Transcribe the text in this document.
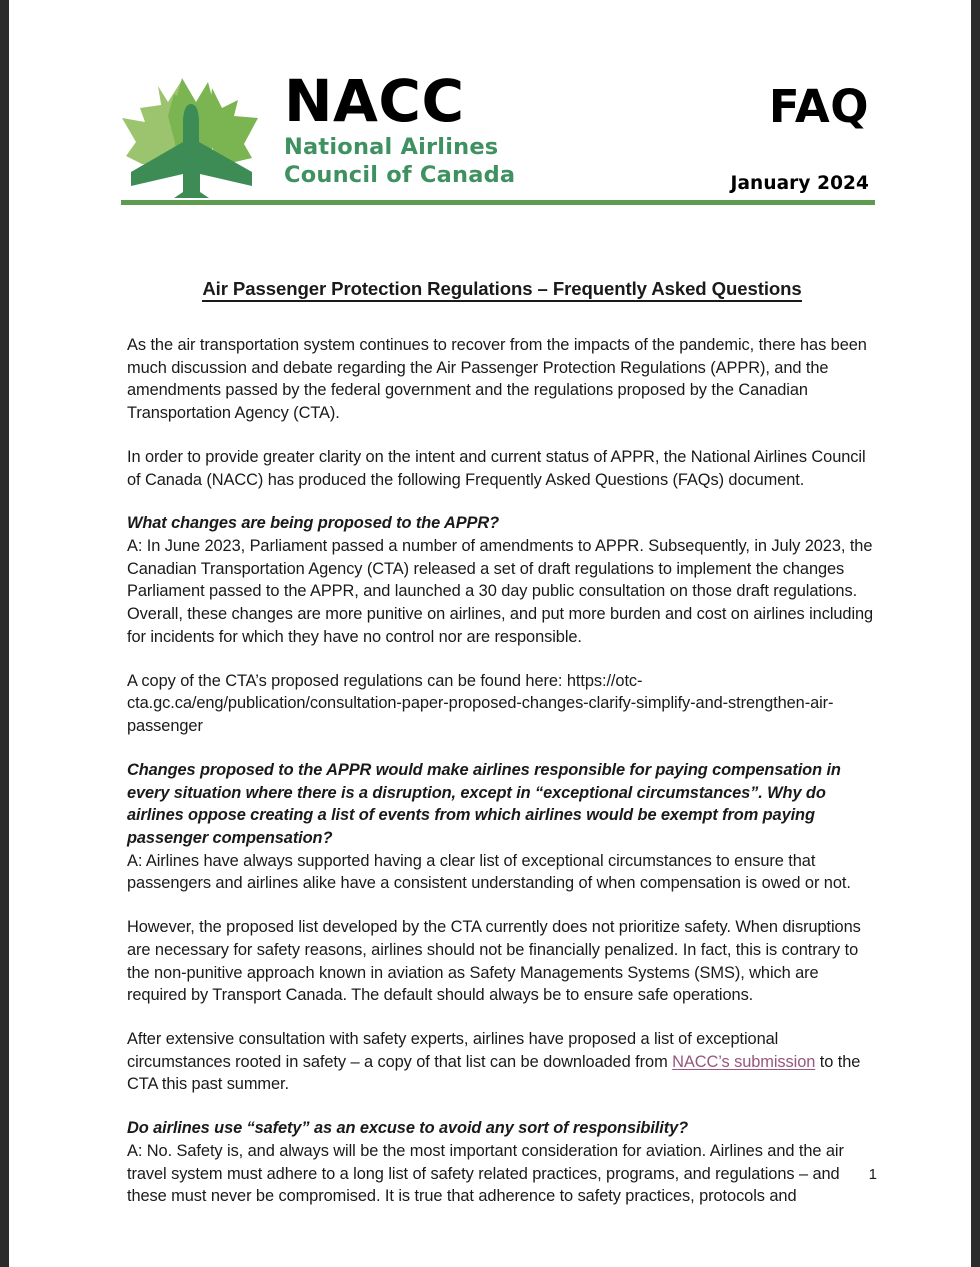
NACC
National Airlines
Council of Canada
FAQ
January 2024
Air Passenger Protection Regulations – Frequently Asked Questions

As the air transportation system continues to recover from the impacts of the pandemic, there has been much discussion and debate regarding the Air Passenger Protection Regulations (APPR), and the amendments passed by the federal government and the regulations proposed by the Canadian Transportation Agency (CTA).

In order to provide greater clarity on the intent and current status of APPR, the National Airlines Council of Canada (NACC) has produced the following Frequently Asked Questions (FAQs) document.

What changes are being proposed to the APPR?

A: In June 2023, Parliament passed a number of amendments to APPR. Subsequently, in July 2023, the Canadian Transportation Agency (CTA) released a set of draft regulations to implement the changes Parliament passed to the APPR, and launched a 30 day public consultation on those draft regulations. Overall, these changes are more punitive on airlines, and put more burden and cost on airlines including for incidents for which they have no control nor are responsible.

A copy of the CTA’s proposed regulations can be found here: https://otc-cta.gc.ca/eng/publication/consultation-paper-proposed-changes-clarify-simplify-and-strengthen-air-passenger

Changes proposed to the APPR would make airlines responsible for paying compensation in every situation where there is a disruption, except in “exceptional circumstances”. Why do airlines oppose creating a list of events from which airlines would be exempt from paying passenger compensation?

A: Airlines have always supported having a clear list of exceptional circumstances to ensure that passengers and airlines alike have a consistent understanding of when compensation is owed or not.

However, the proposed list developed by the CTA currently does not prioritize safety. When disruptions are necessary for safety reasons, airlines should not be financially penalized. In fact, this is contrary to the non-punitive approach known in aviation as Safety Managements Systems (SMS), which are required by Transport Canada. The default should always be to ensure safe operations.

After extensive consultation with safety experts, airlines have proposed a list of exceptional circumstances rooted in safety – a copy of that list can be downloaded from NACC’s submission to the CTA this past summer.

Do airlines use “safety” as an excuse to avoid any sort of responsibility?

A: No. Safety is, and always will be the most important consideration for aviation. Airlines and the air travel system must adhere to a long list of safety related practices, programs, and regulations – and these must never be compromised. It is true that adherence to safety practices, protocols and

1
